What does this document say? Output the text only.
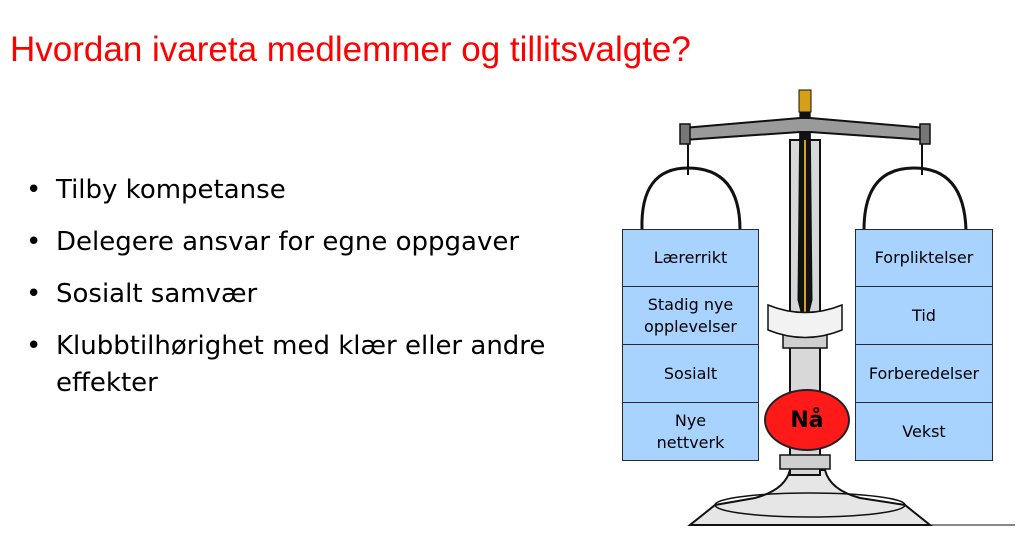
Hvordan ivareta medlemmer og tillitsvalgte?
• Tilby kompetanse
• Delegere ansvar for egne oppgaver
• Sosialt samvær
• Klubbtilhørighet med klær eller andre effekter
Lærerrikt
Stadig nye opplevelser
Sosialt
Nye nettverk
Forpliktelser
Tid
Forberedelser
Vekst
Nå
